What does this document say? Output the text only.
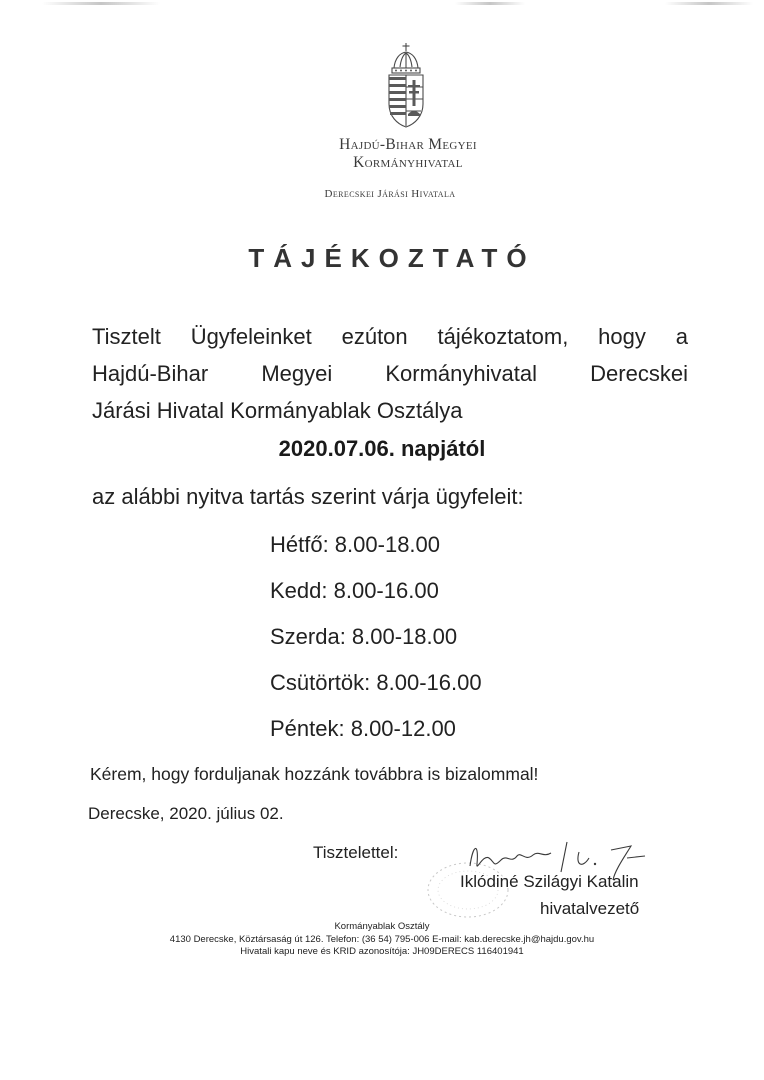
Hajdú-Bihar Megyei
Kormányhivatal
Derecskei Járási Hivatala
TÁJÉKOZTATÓ
Tisztelt Ügyfeleinket ezúton tájékoztatom, hogy a
Hajdú-Bihar Megyei Kormányhivatal Derecskei
Járási Hivatal Kormányablak Osztálya
2020.07.06. napjától
az alábbi nyitva tartás szerint várja ügyfeleit:
Hétfő: 8.00-18.00
Kedd: 8.00-16.00
Szerda: 8.00-18.00
Csütörtök: 8.00-16.00
Péntek: 8.00-12.00
Kérem, hogy forduljanak hozzánk továbbra is bizalommal!
Derecske, 2020. július 02.
Tisztelettel:
Iklódiné Szilágyi Katalin
hivatalvezető
Kormányablak Osztály
4130 Derecske, Köztársaság út 126. Telefon: (36 54) 795-006 E-mail: kab.derecske.jh@hajdu.gov.hu
Hivatali kapu neve és KRID azonosítója: JH09DERECS 116401941
